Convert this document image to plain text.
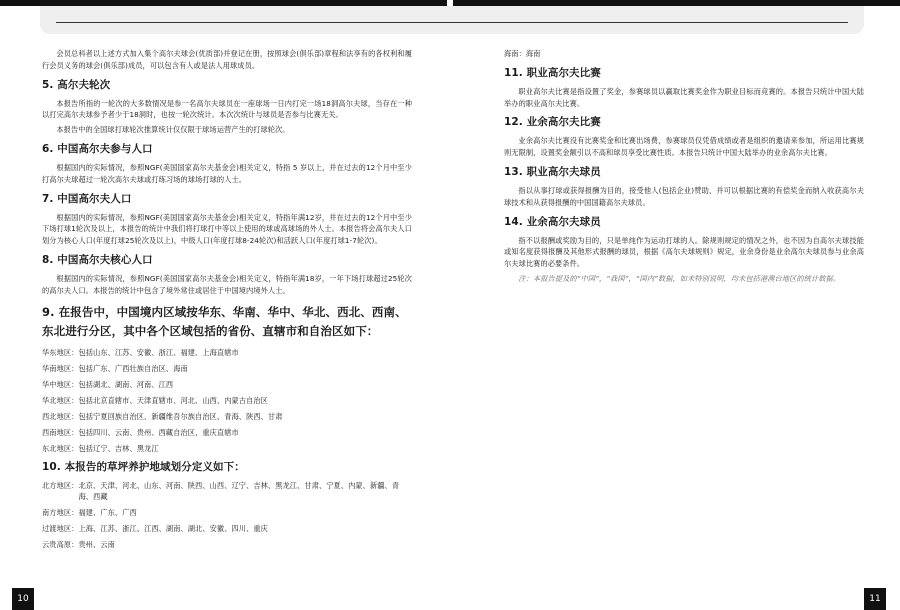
会员总科者以上述方式加入集个高尔夫球会(优质部)并登记在册，按照球会(俱乐部)章程和法享有的各权利和履行会员义务的球会(俱乐部)成员，可以包含有人或是法人用球成员。

5. 高尔夫轮次

本报告所指的一轮次的大多数情况是参一名高尔夫球员在一座球场一日内打完一场18洞高尔夫球，当存在一种以打完高尔夫球参予者少于18洞时，也按一轮次统计。本次次统计与球员是否参与比赛无关。

本报告中的全国球打球轮次推算统计仅仅限于球场运营产生的打球轮次。

6. 中国高尔夫参与人口

根据国内的实际情况，参照NGF(美国国家高尔夫基金会)相关定义，特指 5 岁以上，并在过去的12个月中至少打高尔夫球超过一轮次高尔夫球或打练习场的球场打球的人士。

7. 中国高尔夫人口

根据国内的实际情况，参照NGF(美国国家高尔夫基金会)相关定义，特指年满12岁，并在过去的12个月中至少下场打球1轮次及以上，本报告的统计中我们将打球打中等以上使用的球或高球场的外人士。本报告将会高尔夫人口划分为核心人口(年度打球25轮次及以上)，中级人口(年度打球8-24轮次)和活跃人口(年度打球1-7轮次)。

8. 中国高尔夫核心人口

根据国内的实际情况，参照NGF(美国国家高尔夫基金会)相关定义，特指年满18岁，一年下场打球超过25轮次的高尔夫人口。本报告的统计中包含了境外常住或居住于中国境内境外人士。

9. 在报告中，中国境内区域按华东、华南、华中、华北、西北、西南、东北进行分区，其中各个区域包括的省份、直辖市和自治区如下：
华东地区： 包括山东、江苏、安徽、浙江、福建、上海直辖市
华南地区： 包括广东、广西壮族自治区、海南
华中地区： 包括湖北、湖南、河南、江西
华北地区： 包括北京直辖市、天津直辖市、河北、山西、内蒙古自治区
西北地区： 包括宁夏回族自治区、新疆维吾尔族自治区、青海、陕西、甘肃
西南地区： 包括四川、云南、贵州、西藏自治区、重庆直辖市
东北地区： 包括辽宁、吉林、黑龙江
10. 本报告的草坪养护地域划分定义如下：
北方地区： 北京、天津、河北、山东、河南、陕西、山西、辽宁、吉林、黑龙江、甘肃、宁夏、内蒙、新疆、青海、西藏
南方地区： 福建、广东、广西
过渡地区： 上海、江苏、浙江、江西、湖南、湖北、安徽、四川、重庆
云贵高原： 贵州、云南

海南：海南

11. 职业高尔夫比赛

职业高尔夫比赛是指设置了奖金，参赛球员以赢取比赛奖金作为职业目标而竞赛的。本报告只统计中国大陆举办的职业高尔夫比赛。

12. 业余高尔夫比赛

业余高尔夫比赛没有比赛奖金和比赛出场费，参赛球员仅凭借成绩或者是组织的邀请来参加，所运用比赛规则无限制，设置奖金额引以不高和球员享受比赛性质。本报告只统计中国大陆举办的业余高尔夫比赛。

13. 职业高尔夫球员

指以从事打球或获得报酬为目的，接受他人(包括企业)赞助，并可以根据比赛的有偿奖金而纳入收获高尔夫球技术和从获得报酬的中国国籍高尔夫球员。

14. 业余高尔夫球员

指不以报酬或奖励为目的，只是单纯作为运动打球的人。除规则规定的情况之外，也不因为自高尔夫球技能或知名度获得报酬及其他形式报酬的球员，根据《高尔夫球规则》规定，业余身份是业余高尔夫球员参与业余高尔夫球比赛的必要条件。

注：本报告提及的“中国”，“我国”，“国内”数据，如未特别说明，均未包括港澳台地区的统计数据。

10	11
